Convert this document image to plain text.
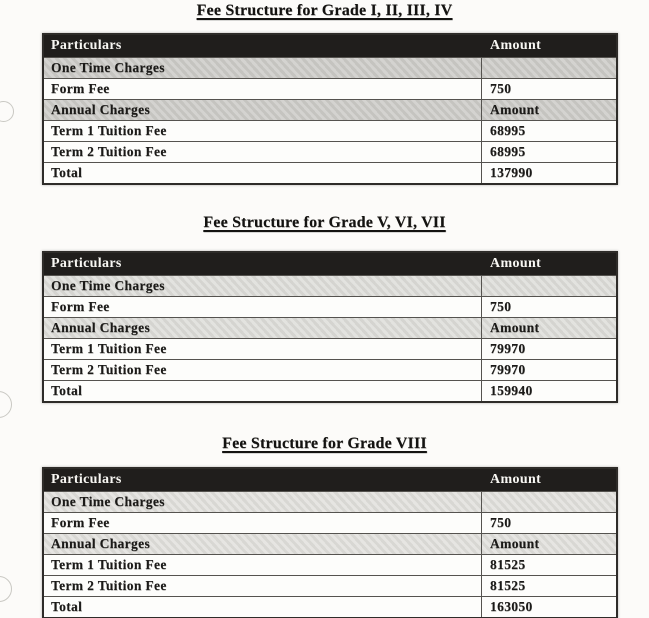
Fee Structure for Grade I, II, III, IV
Particulars	Amount
One Time Charges
Form Fee	750
Annual Charges	Amount
Term 1 Tuition Fee	68995
Term 2 Tuition Fee	68995
Total	137990
Fee Structure for Grade V, VI, VII
Particulars	Amount
One Time Charges
Form Fee	750
Annual Charges	Amount
Term 1 Tuition Fee	79970
Term 2 Tuition Fee	79970
Total	159940
Fee Structure for Grade VIII
Particulars	Amount
One Time Charges
Form Fee	750
Annual Charges	Amount
Term 1 Tuition Fee	81525
Term 2 Tuition Fee	81525
Total	163050
